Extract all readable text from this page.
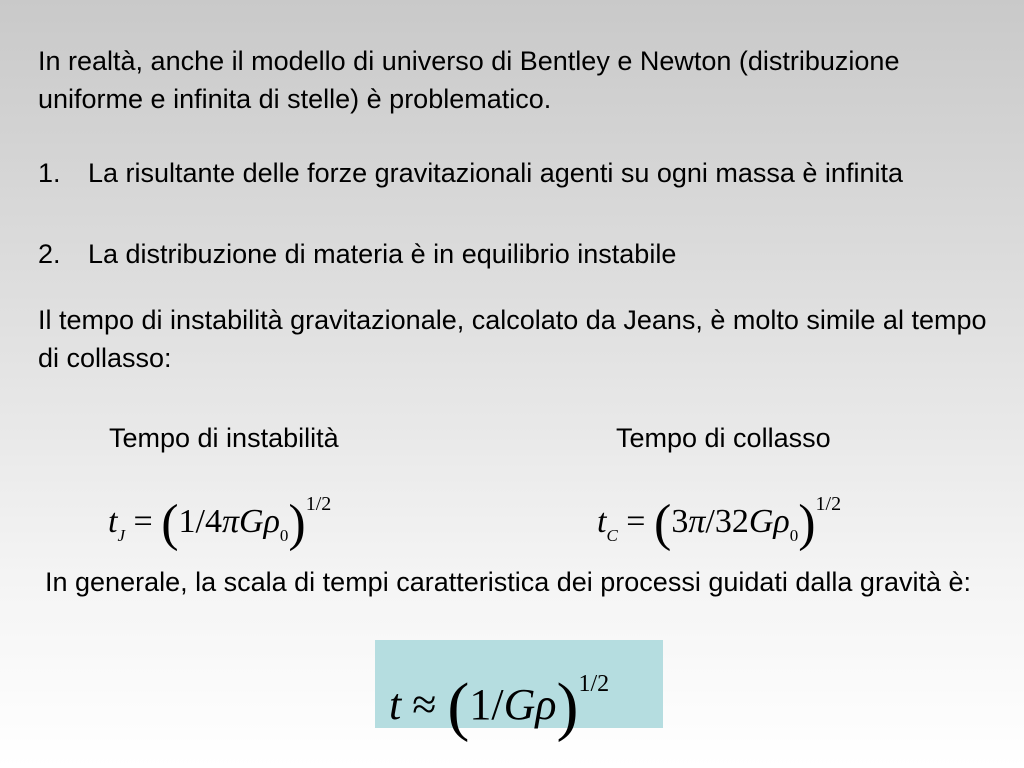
In realtà, anche il modello di universo di Bentley e Newton (distribuzione uniforme e infinita di stelle) è problematico.
1. La risultante delle forze gravitazionali agenti su ogni massa è infinita
2. La distribuzione di materia è in equilibrio instabile
Il tempo di instabilità gravitazionale, calcolato da Jeans, è molto simile al tempo di collasso:
Tempo di instabilità	Tempo di collasso
$t_J = (1/4\pi G\rho_0)^{1/2}$	$t_C = (3\pi/32G\rho_0)^{1/2}$
In generale, la scala di tempi caratteristica dei processi guidati dalla gravità è:
$t \approx (1/G\rho)^{1/2}$
